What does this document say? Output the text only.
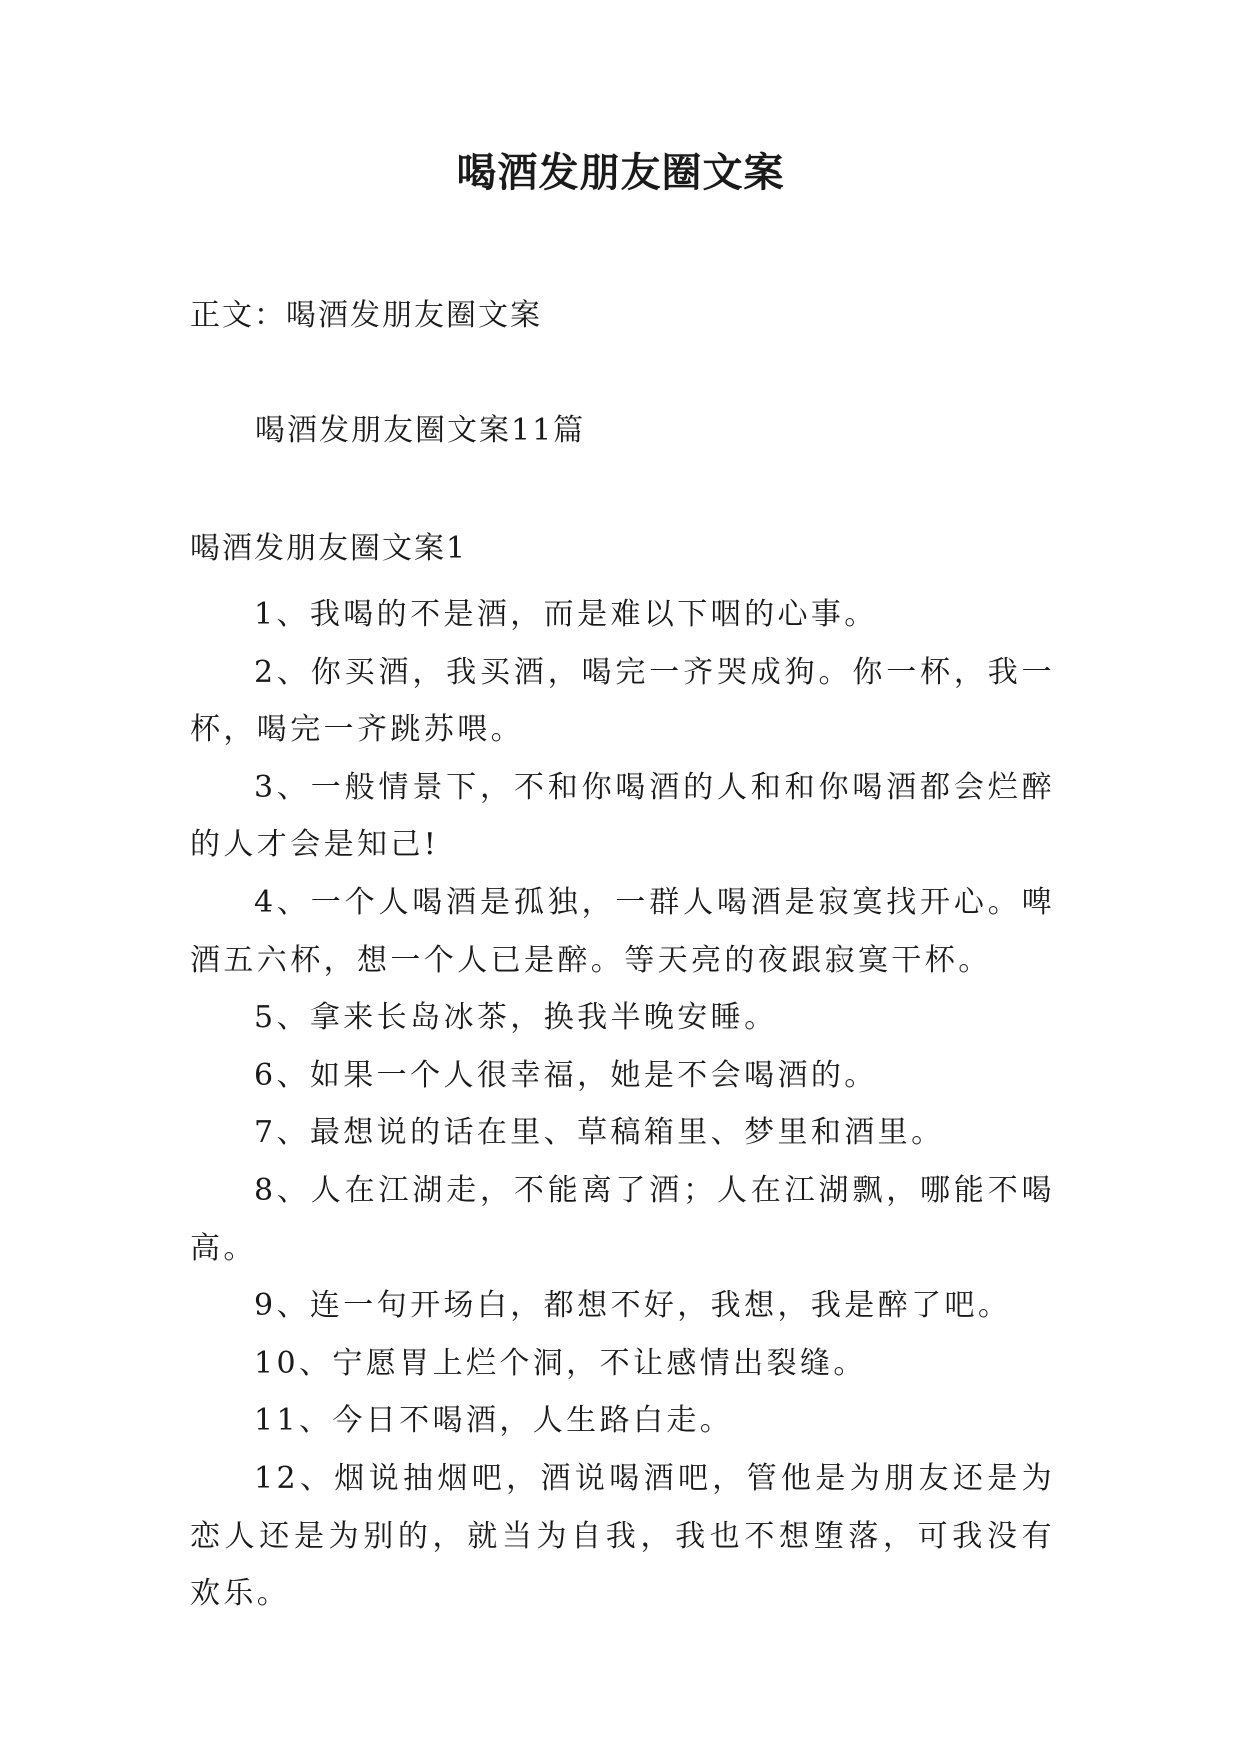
喝酒发朋友圈文案
正文：喝酒发朋友圈文案
喝酒发朋友圈文案11篇
喝酒发朋友圈文案1

1、我喝的不是酒，而是难以下咽的心事。

2、你买酒，我买酒，喝完一齐哭成狗。你一杯，我一杯，喝完一齐跳苏喂。

3、一般情景下，不和你喝酒的人和和你喝酒都会烂醉的人才会是知己!

4、一个人喝酒是孤独，一群人喝酒是寂寞找开心。啤酒五六杯，想一个人已是醉。等天亮的夜跟寂寞干杯。

5、拿来长岛冰茶，换我半晚安睡。

6、如果一个人很幸福，她是不会喝酒的。

7、最想说的话在里、草稿箱里、梦里和酒里。

8、人在江湖走，不能离了酒；人在江湖飘，哪能不喝高。

9、连一句开场白，都想不好，我想，我是醉了吧。

10、宁愿胃上烂个洞，不让感情出裂缝。

11、今日不喝酒，人生路白走。

12、烟说抽烟吧，酒说喝酒吧，管他是为朋友还是为恋人还是为别的，就当为自我，我也不想堕落，可我没有欢乐。
